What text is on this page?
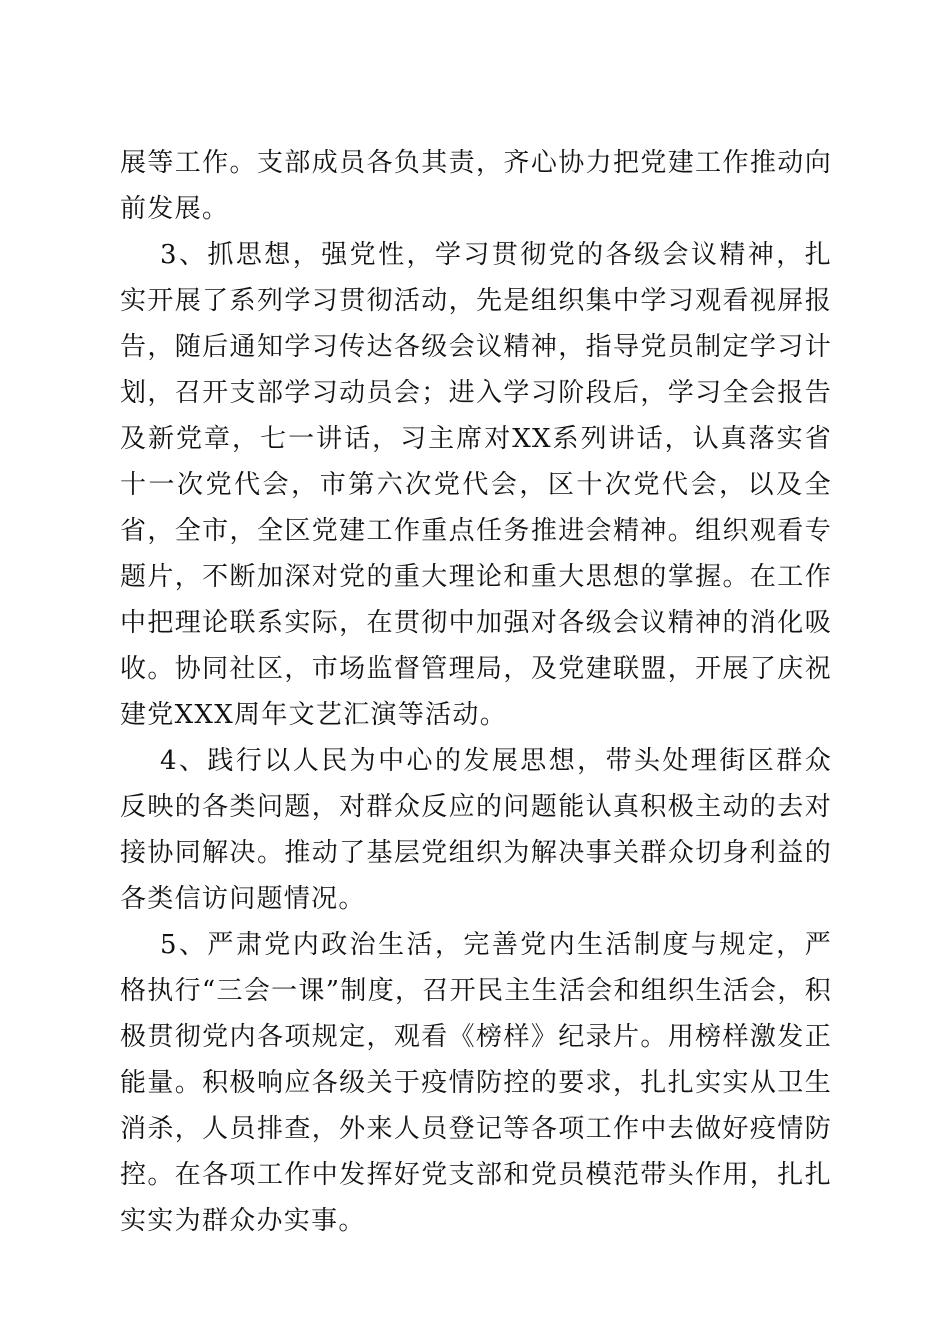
展等工作。支部成员各负其责，齐心协力把党建工作推动向前发展。

3、抓思想，强党性，学习贯彻党的各级会议精神，扎实开展了系列学习贯彻活动，先是组织集中学习观看视屏报告，随后通知学习传达各级会议精神，指导党员制定学习计划，召开支部学习动员会；进入学习阶段后，学习全会报告及新党章，七一讲话，习主席对XX系列讲话，认真落实省十一次党代会，市第六次党代会，区十次党代会，以及全省，全市，全区党建工作重点任务推进会精神。组织观看专题片，不断加深对党的重大理论和重大思想的掌握。在工作中把理论联系实际，在贯彻中加强对各级会议精神的消化吸收。协同社区，市场监督管理局，及党建联盟，开展了庆祝建党XXX周年文艺汇演等活动。

4、践行以人民为中心的发展思想，带头处理街区群众反映的各类问题，对群众反应的问题能认真积极主动的去对接协同解决。推动了基层党组织为解决事关群众切身利益的各类信访问题情况。

5、严肃党内政治生活，完善党内生活制度与规定，严格执行“三会一课”制度，召开民主生活会和组织生活会，积极贯彻党内各项规定，观看《榜样》纪录片。用榜样激发正能量。积极响应各级关于疫情防控的要求，扎扎实实从卫生消杀，人员排查，外来人员登记等各项工作中去做好疫情防控。在各项工作中发挥好党支部和党员模范带头作用，扎扎实实为群众办实事。
